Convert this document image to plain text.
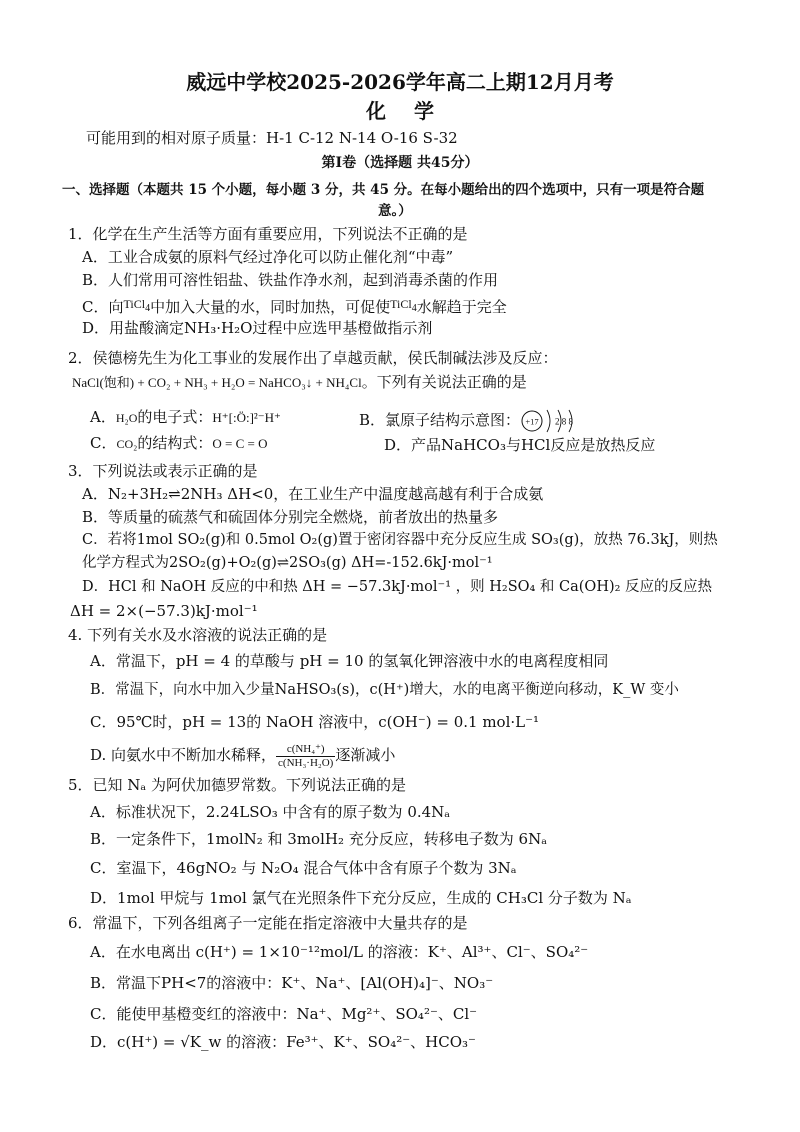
威远中学校2025-2026学年高二上期12月月考
化学
可能用到的相对原子质量：H-1 C-12 N-14 O-16 S-32
第Ⅰ卷（选择题 共45分）
一、选择题（本题共 15 个小题，每小题 3 分，共 45 分。在每小题给出的四个选项中，只有一项是符合题
意。）
1．化学在生产生活等方面有重要应用，下列说法不正确的是
A．工业合成氨的原料气经过净化可以防止催化剂“中毒”
B．人们常用可溶性铝盐、铁盐作净水剂，起到消毒杀菌的作用
C．向$^{TiCl_4}$中加入大量的水，同时加热，可促使$^{TiCl_4}$水解趋于完全
D．用盐酸滴定NH₃·H₂O过程中应选甲基橙做指示剂
2．侯德榜先生为化工事业的发展作出了卓越贡献，侯氏制碱法涉及反应：
NaCl(饱和) + CO₂ + NH₃ + H₂O = NaHCO₃↓ + NH₄Cl。下列有关说法正确的是
A．H₂O的电子式：H⁺[:Ö:]²⁻H⁺	B．氯原子结构示意图： +17 2 8 8
C．CO₂的结构式：O = C = O	D．产品NaHCO₃与HCl反应是放热反应
3．下列说法或表示正确的是
A．N₂+3H₂⇌2NH₃ ΔH<0，在工业生产中温度越高越有利于合成氨
B．等质量的硫蒸气和硫固体分别完全燃烧，前者放出的热量多
C．若将1mol SO₂(g)和 0.5mol O₂(g)置于密闭容器中充分反应生成 SO₃(g)，放热 76.3kJ，则热
化学方程式为2SO₂(g)+O₂(g)⇌2SO₃(g) ΔH=-152.6kJ·mol⁻¹
D．HCl 和 NaOH 反应的中和热 ΔH = −57.3kJ·mol⁻¹ ，则 H₂SO₄ 和 Ca(OH)₂ 反应的反应热
ΔH = 2×(−57.3)kJ·mol⁻¹
4. 下列有关水及水溶液的说法正确的是
A．常温下，pH = 4 的草酸与 pH = 10 的氢氧化钾溶液中水的电离程度相同
B．常温下，向水中加入少量NaHSO₃(s)，c(H⁺)增大，水的电离平衡逆向移动，K_W 变小
C．95℃时，pH = 13的 NaOH 溶液中，c(OH⁻) = 0.1 mol·L⁻¹
D. 向氨水中不断加水稀释， $\frac{\text{c(NH₄⁺)}}{\text{c(NH₃·H₂O)}}$ 逐渐减小
5．已知 Nₐ 为阿伏加德罗常数。下列说法正确的是
A．标准状况下，2.24LSO₃ 中含有的原子数为 0.4Nₐ
B．一定条件下，1molN₂ 和 3molH₂ 充分反应，转移电子数为 6Nₐ
C．室温下，46gNO₂ 与 N₂O₄ 混合气体中含有原子个数为 3Nₐ
D．1mol 甲烷与 1mol 氯气在光照条件下充分反应，生成的 CH₃Cl 分子数为 Nₐ
6．常温下，下列各组离子一定能在指定溶液中大量共存的是
A．在水电离出 c(H⁺) = 1×10⁻¹²mol/L 的溶液：K⁺、Al³⁺、Cl⁻、SO₄²⁻
B．常温下PH<7的溶液中：K⁺、Na⁺、[Al(OH)₄]⁻、NO₃⁻
C．能使甲基橙变红的溶液中：Na⁺、Mg²⁺、SO₄²⁻、Cl⁻
D．c(H⁺) = √K_w 的溶液：Fe³⁺、K⁺、SO₄²⁻、HCO₃⁻
